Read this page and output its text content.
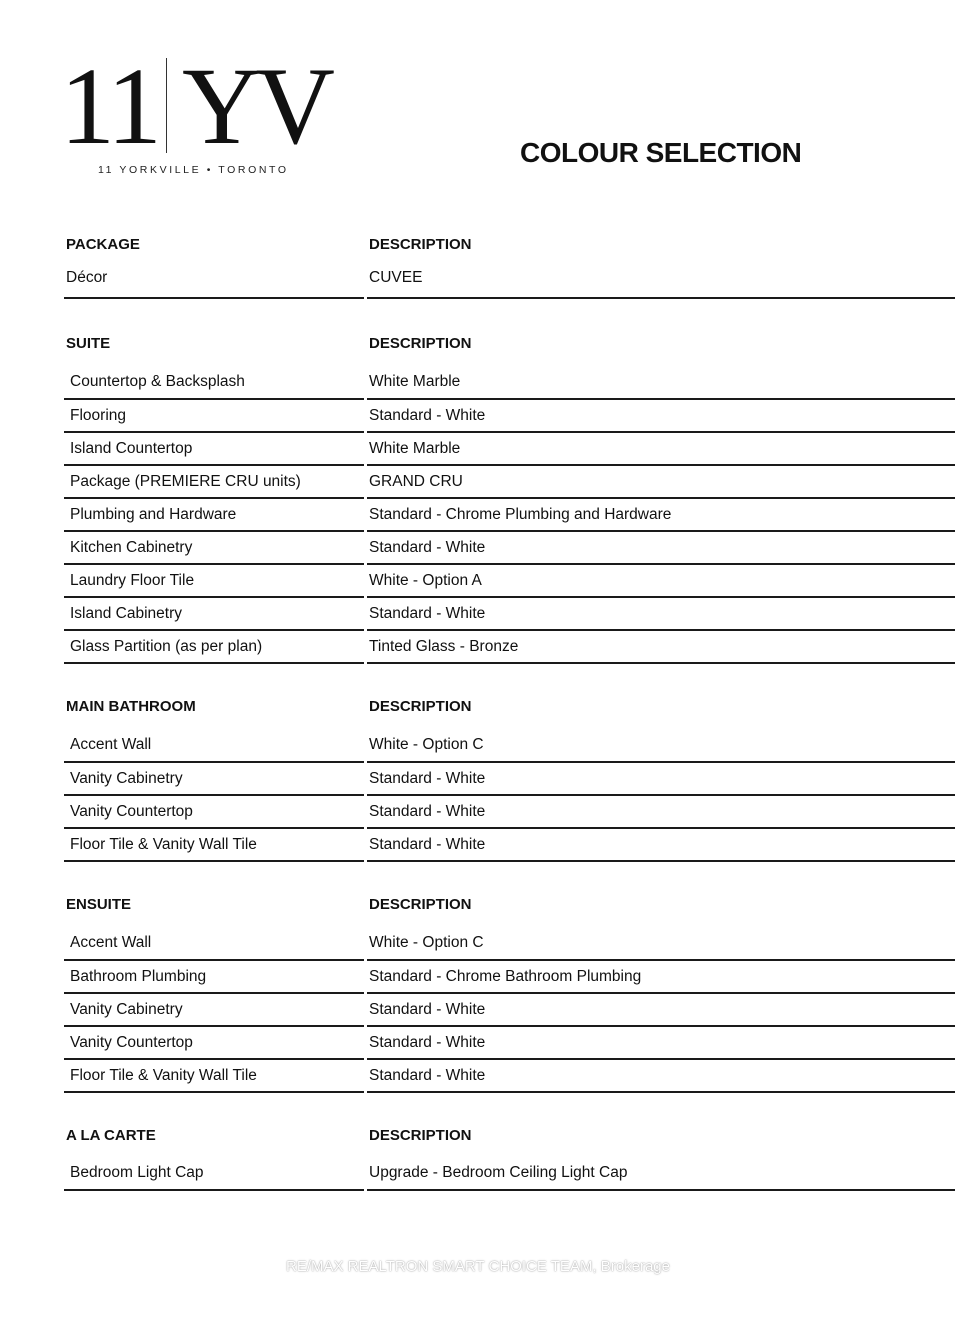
11 YV
11 YORKVILLE • TORONTO
COLOUR SELECTION
PACKAGE	DESCRIPTION
Décor	CUVEE
SUITE	DESCRIPTION
Countertop & Backsplash	White Marble
Flooring	Standard - White
Island Countertop	White Marble
Package (PREMIERE CRU units)	GRAND CRU
Plumbing and Hardware	Standard - Chrome Plumbing and Hardware
Kitchen Cabinetry	Standard - White
Laundry Floor Tile	White - Option A
Island Cabinetry	Standard - White
Glass Partition (as per plan)	Tinted Glass - Bronze
MAIN BATHROOM	DESCRIPTION
Accent Wall	White - Option C
Vanity Cabinetry	Standard - White
Vanity Countertop	Standard - White
Floor Tile & Vanity Wall Tile	Standard - White
ENSUITE	DESCRIPTION
Accent Wall	White - Option C
Bathroom Plumbing	Standard - Chrome Bathroom Plumbing
Vanity Cabinetry	Standard - White
Vanity Countertop	Standard - White
Floor Tile & Vanity Wall Tile	Standard - White
A LA CARTE	DESCRIPTION
Bedroom Light Cap	Upgrade - Bedroom Ceiling Light Cap
RE/MAX REALTRON SMART CHOICE TEAM, Brokerage
